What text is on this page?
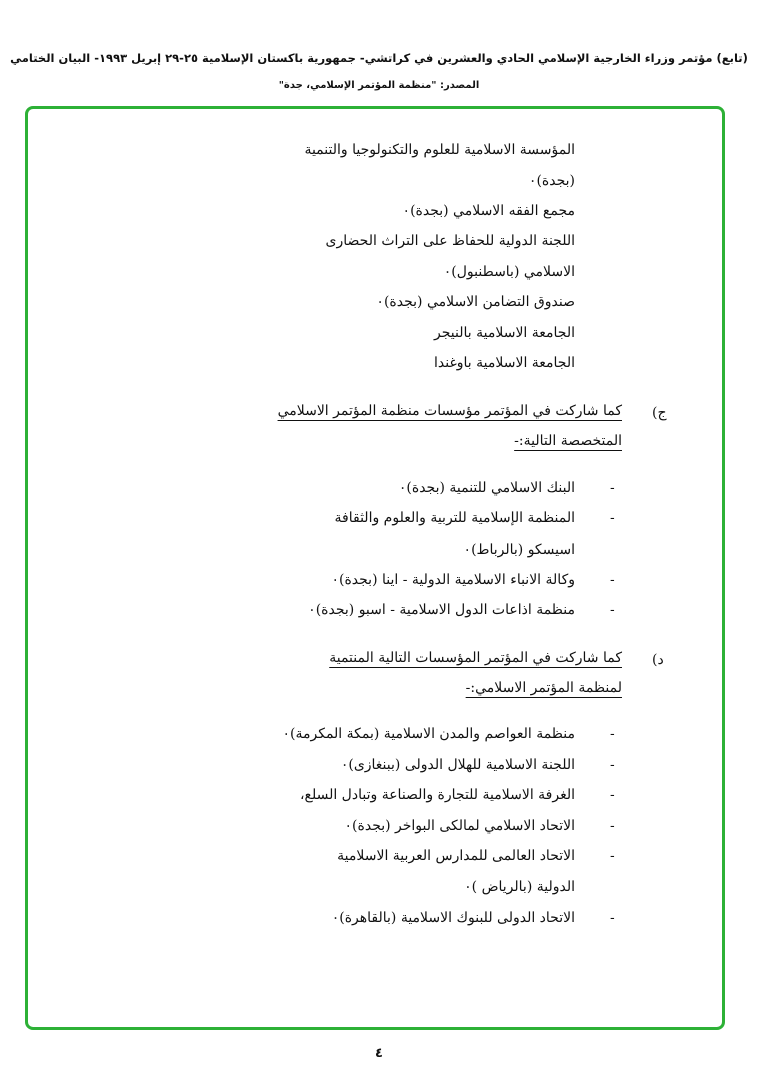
(تابع) مؤتمر وزراء الخارجية الإسلامي الحادي والعشرين في كراتشي- جمهورية باكستان الإسلامية ٢٥-٢٩ إبريل ١٩٩٣- البيان الختامي
المصدر: "منظمة المؤتمر الإسلامي، جدة"
المؤسسة الاسلامية للعلوم والتكنولوجيا والتنمية
(بجدة)٠
مجمع الفقه الاسلامي (بجدة)٠
اللجنة الدولية للحفاظ على التراث الحضارى
الاسلامي (باسطنبول)٠
صندوق التضامن الاسلامي (بجدة)٠
الجامعة الاسلامية بالنيجر
الجامعة الاسلامية باوغندا
ج)
كما شاركت في المؤتمر مؤسسات منظمة المؤتمر الاسلامي
المتخصصة التالية:-
-
البنك الاسلامي للتنمية (بجدة)٠
-
المنظمة الإسلامية للتربية والعلوم والثقافة
اسيسكو (بالرباط)٠
-
وكالة الانباء الاسلامية الدولية - اينا (بجدة)٠
-
منظمة اذاعات الدول الاسلامية - اسبو (بجدة)٠
د)
كما شاركت في المؤتمر المؤسسات التالية المنتمية
لمنظمة المؤتمر الاسلامي:-
-
منظمة العواصم والمدن الاسلامية (بمكة المكرمة)٠
-
اللجنة الاسلامية للهلال الدولى (ببنغازى)٠
-
الغرفة الاسلامية للتجارة والصناعة وتبادل السلع،
-
الاتحاد الاسلامي لمالكى البواخر (بجدة)٠
-
الاتحاد العالمى للمدارس العربية الاسلامية
الدولية (بالرياض )٠
-
الاتحاد الدولى للبنوك الاسلامية (بالقاهرة)٠
٤
